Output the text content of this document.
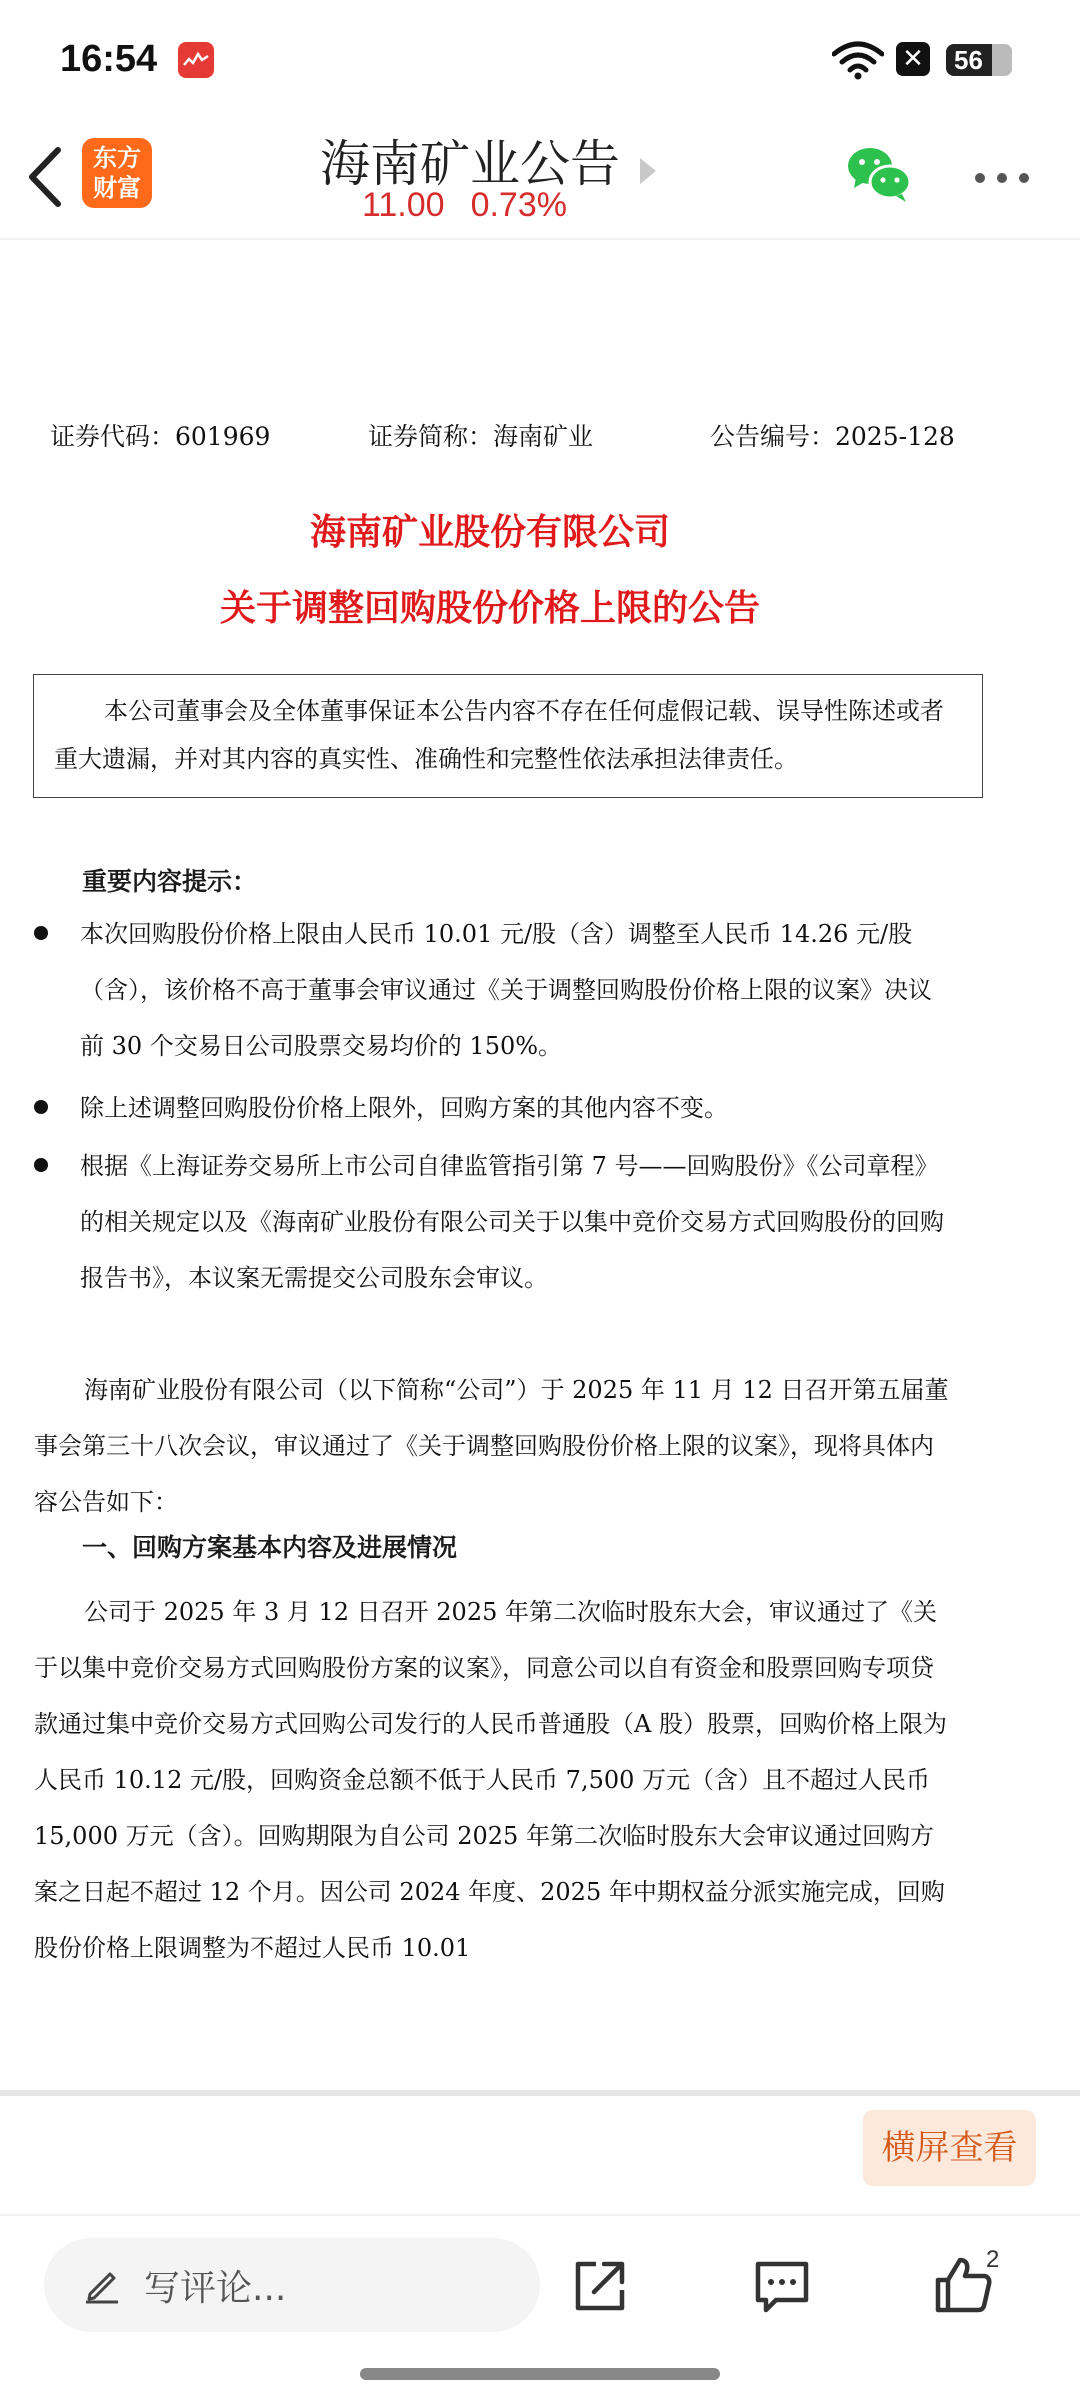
16:54	✕	56
东方财富	海南矿业公告
11.00 0.73%
证券代码：601969	证券简称：海南矿业	公告编号：2025-128
海南矿业股份有限公司
关于调整回购股份价格上限的公告
本公司董事会及全体董事保证本公告内容不存在任何虚假记载、误导性陈述或者重大遗漏，并对其内容的真实性、准确性和完整性依法承担法律责任。
重要内容提示：
本次回购股份价格上限由人民币 10.01 元/股（含）调整至人民币 14.26 元/股（含），该价格不高于董事会审议通过《关于调整回购股份价格上限的议案》决议前 30 个交易日公司股票交易均价的 150%。
除上述调整回购股份价格上限外，回购方案的其他内容不变。
根据《上海证券交易所上市公司自律监管指引第 7 号——回购股份》《公司章程》的相关规定以及《海南矿业股份有限公司关于以集中竞价交易方式回购股份的回购报告书》，本议案无需提交公司股东会审议。
海南矿业股份有限公司（以下简称“公司”）于 2025 年 11 月 12 日召开第五届董事会第三十八次会议，审议通过了《关于调整回购股份价格上限的议案》，现将具体内容公告如下：
一、回购方案基本内容及进展情况
公司于 2025 年 3 月 12 日召开 2025 年第二次临时股东大会，审议通过了《关于以集中竞价交易方式回购股份方案的议案》，同意公司以自有资金和股票回购专项贷款通过集中竞价交易方式回购公司发行的人民币普通股（A 股）股票，回购价格上限为人民币 10.12 元/股，回购资金总额不低于人民币 7,500 万元（含）且不超过人民币 15,000 万元（含）。回购期限为自公司 2025 年第二次临时股东大会审议通过回购方案之日起不超过 12 个月。因公司 2024 年度、2025 年中期权益分派实施完成，回购股份价格上限调整为不超过人民币 10.01
横屏查看
写评论...
2
